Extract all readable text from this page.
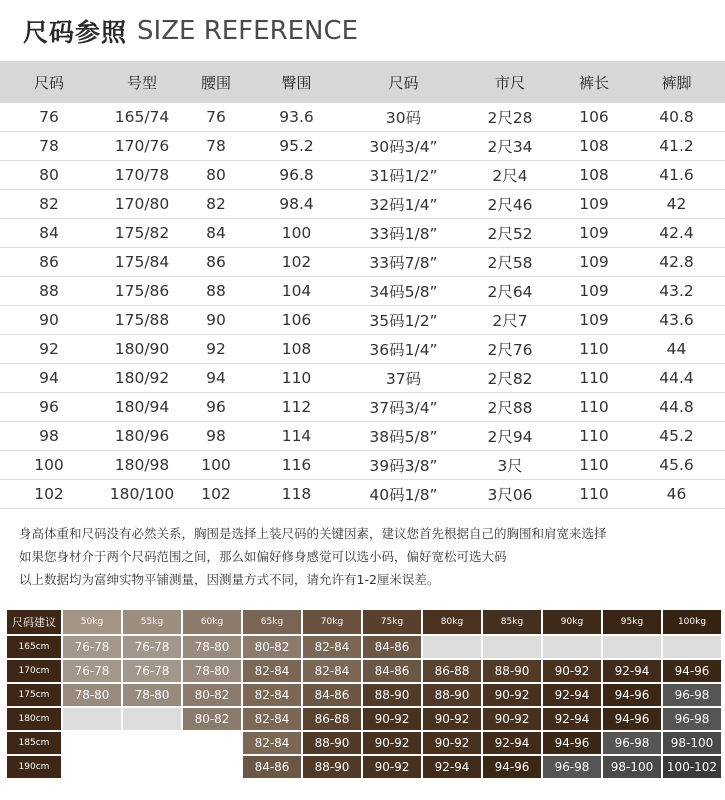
尺码参照 SIZE REFERENCE
尺码	号型	腰围	臀围	尺码	市尺	裤长	裤脚
76	165/74	76	93.6	30码	2尺28	106	40.8
78	170/76	78	95.2	30码3/4”	2尺34	108	41.2
80	170/78	80	96.8	31码1/2”	2尺4	108	41.6
82	170/80	82	98.4	32码1/4”	2尺46	109	42
84	175/82	84	100	33码1/8”	2尺52	109	42.4
86	175/84	86	102	33码7/8”	2尺58	109	42.8
88	175/86	88	104	34码5/8”	2尺64	109	43.2
90	175/88	90	106	35码1/2”	2尺7	109	43.6
92	180/90	92	108	36码1/4”	2尺76	110	44
94	180/92	94	110	37码	2尺82	110	44.4
96	180/94	96	112	37码3/4”	2尺88	110	44.8
98	180/96	98	114	38码5/8”	2尺94	110	45.2
100	180/98	100	116	39码3/8”	3尺	110	45.6
102	180/100	102	118	40码1/8”	3尺06	110	46
身高体重和尺码没有必然关系，胸围是选择上装尺码的关键因素，建议您首先根据自己的胸围和肩宽来选择
如果您身材介于两个尺码范围之间，那么如偏好修身感觉可以选小码，偏好宽松可选大码
以上数据均为富绅实物平铺测量，因测量方式不同，请允许有1-2厘米误差。
尺码建议	50kg	55kg	60kg	65kg	70kg	75kg	80kg	85kg	90kg	95kg	100kg
165cm	76-78	76-78	78-80	80-82	82-84	84-86					
170cm	76-78	76-78	78-80	82-84	82-84	84-86	86-88	88-90	90-92	92-94	94-96
175cm	78-80	78-80	80-82	82-84	84-86	88-90	88-90	90-92	92-94	94-96	96-98
180cm			80-82	82-84	86-88	90-92	90-92	90-92	92-94	94-96	96-98
185cm				82-84	88-90	90-92	90-92	92-94	94-96	96-98	98-100
190cm				84-86	88-90	90-92	92-94	94-96	96-98	98-100	100-102
